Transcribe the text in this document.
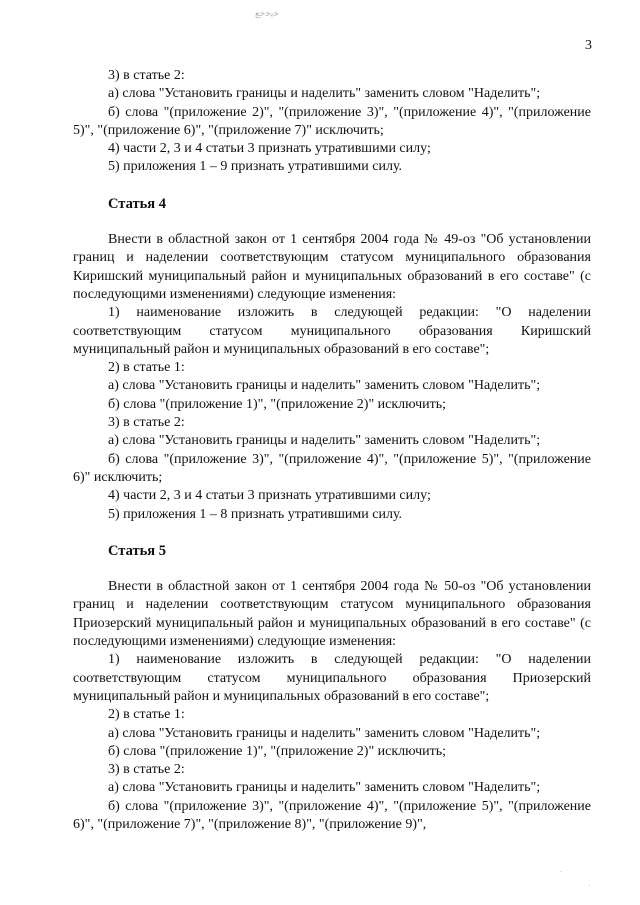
ﺧﯾﺧﺧﻊ
3

3) в статье 2:

а) слова "Установить границы и наделить" заменить словом "Наделить";

б) слова "(приложение 2)", "(приложение 3)", "(приложение 4)", "(приложение 5)", "(приложение 6)", "(приложение 7)" исключить;

4) части 2, 3 и 4 статьи 3 признать утратившими силу;

5) приложения 1 – 9 признать утратившими силу.

Статья 4

Внести в областной закон от 1 сентября 2004 года № 49-оз "Об установлении границ и наделении соответствующим статусом муниципального образования Киришский муниципальный район и муниципальных образований в его составе" (с последующими изменениями) следующие изменения:

1) наименование изложить в следующей редакции: "О наделении соответствующим статусом муниципального образования Киришский муниципальный район и муниципальных образований в его составе";

2) в статье 1:

а) слова "Установить границы и наделить" заменить словом "Наделить";

б) слова "(приложение 1)", "(приложение 2)" исключить;

3) в статье 2:

а) слова "Установить границы и наделить" заменить словом "Наделить";

б) слова "(приложение 3)", "(приложение 4)", "(приложение 5)", "(приложение 6)" исключить;

4) части 2, 3 и 4 статьи 3 признать утратившими силу;

5) приложения 1 – 8 признать утратившими силу.

Статья 5

Внести в областной закон от 1 сентября 2004 года № 50-оз "Об установлении границ и наделении соответствующим статусом муниципального образования Приозерский муниципальный район и муниципальных образований в его составе" (с последующими изменениями) следующие изменения:

1) наименование изложить в следующей редакции: "О наделении соответствующим статусом муниципального образования Приозерский муниципальный район и муниципальных образований в его составе";

2) в статье 1:

а) слова "Установить границы и наделить" заменить словом "Наделить";

б) слова "(приложение 1)", "(приложение 2)" исключить;

3) в статье 2:

а) слова "Установить границы и наделить" заменить словом "Наделить";

б) слова "(приложение 3)", "(приложение 4)", "(приложение 5)", "(приложение 6)", "(приложение 7)", "(приложение 8)", "(приложение 9)",

·
·
